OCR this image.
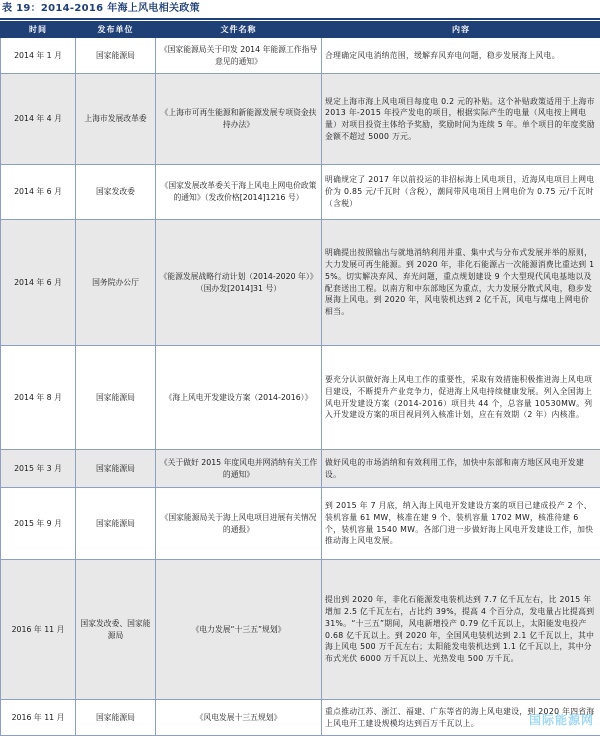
表 19：2014-2016 年海上风电相关政策
时间	发布单位	文件名称	内容
2014 年 1 月	国家能源局	《国家能源局关于印发 2014 年能源工作指导意见的通知》	合理确定风电消纳范围，缓解弃风弃电问题，稳步发展海上风电。
2014 年 4 月	上海市发展改革委	《上海市可再生能源和新能源发展专项资金扶持办法》	规定上海市海上风电项目每度电 0.2 元的补贴。这个补贴政策适用于上海市 2013 年-2015 年投产发电的项目，根据实际产生的电量（风电按上网电量）对项目投资主体给予奖励，奖励时间为连续 5 年。单个项目的年度奖励金额不超过 5000 万元。
2014 年 6 月	国家发改委	《国家发展改革委关于海上风电上网电价政策的通知》（发改价格[2014]1216 号）	明确规定了 2017 年以前投运的非招标海上风电项目，近海风电项目上网电价为 0.85 元/千瓦时（含税），潮间带风电项目上网电价为 0.75 元/千瓦时（含税）
2014 年 6 月	国务院办公厅	《能源发展战略行动计划（2014-2020 年）》（国办发[2014]31 号）	明确提出按照输出与就地消纳利用并重、集中式与分布式发展并举的原则，大力发展可再生能源。到 2020 年，非化石能源占一次能源消费比重达到 15%。切实解决弃风、弃光问题，重点规划建设 9 个大型现代风电基地以及配套送出工程。以南方和中东部地区为重点，大力发展分散式风电，稳步发展海上风电。到 2020 年，风电装机达到 2 亿千瓦，风电与煤电上网电价相当。
2014 年 8 月	国家能源局	《海上风电开发建设方案（2014-2016）》	要充分认识做好海上风电工作的重要性，采取有效措施积极推进海上风电项目建设，不断提升产业竞争力，促进海上风电持续健康发展。列入全国海上风电开发建设方案（2014-2016）项目共 44 个，总容量 10530MW。列入开发建设方案的项目视同列入核准计划，应在有效期（2 年）内核准。
2015 年 3 月	国家能源局	《关于做好 2015 年度风电并网消纳有关工作的通知》	做好风电的市场消纳和有效利用工作，加快中东部和南方地区风电开发建设。
2015 年 9 月	国家能源局	《国家能源局关于海上风电项目进展有关情况的通报》	到 2015 年 7 月底，纳入海上风电开发建设方案的项目已建成投产 2 个、装机容量 61 MW，核准在建 9 个、装机容量 1702 MW，核准待建 6 个，装机容量 1540 MW。各部门进一步做好海上风电开发建设工作，加快推动海上风电发展。
2016 年 11 月	国家发改委、国家能源局	《电力发展“十三五”规划》	提出到 2020 年，非化石能源发电装机达到 7.7 亿千瓦左右，比 2015 年增加 2.5 亿千瓦左右，占比约 39%，提高 4 个百分点，发电量占比提高到 31%。“十三五”期间，风电新增投产 0.79 亿千瓦以上，太阳能发电投产 0.68 亿千瓦以上。到 2020 年，全国风电装机达到 2.1 亿千瓦以上，其中海上风电 500 万千瓦左右；太阳能发电装机达到 1.1 亿千瓦以上，其中分布式光伏 6000 万千瓦以上、光热发电 500 万千瓦。
2016 年 11 月	国家能源局	《风电发展十三五规划》	重点推动江苏、浙江、福建、广东等省的海上风电建设，到 2020 年四省海上风电开工建设规模均达到百万千瓦以上。	国际能源网
